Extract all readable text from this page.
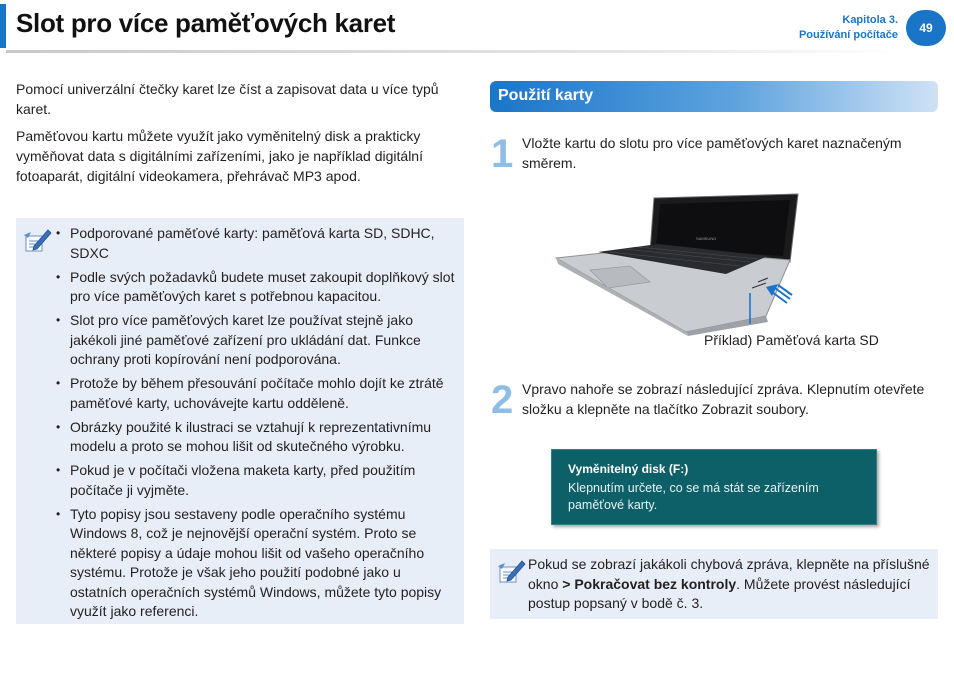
Slot pro více paměťových karet	Kapitola 3.
Používání počítače	49

Pomocí univerzální čtečky karet lze číst a zapisovat data u více typů karet.

Paměťovou kartu můžete využít jako vyměnitelný disk a prakticky vyměňovat data s digitálními zařízeními, jako je například digitální fotoaparát, digitální videokamera, přehrávač MP3 apod.

• Podporované paměťové karty: paměťová karta SD, SDHC, SDXC
• Podle svých požadavků budete muset zakoupit doplňkový slot pro více paměťových karet s potřebnou kapacitou.
• Slot pro více paměťových karet lze používat stejně jako jakékoli jiné paměťové zařízení pro ukládání dat. Funkce ochrany proti kopírování není podporována.
• Protože by během přesouvání počítače mohlo dojít ke ztrátě paměťové karty, uchovávejte kartu odděleně.
• Obrázky použité k ilustraci se vztahují k reprezentativnímu modelu a proto se mohou lišit od skutečného výrobku.
• Pokud je v počítači vložena maketa karty, před použitím počítače ji vyjměte.
• Tyto popisy jsou sestaveny podle operačního systému Windows 8, což je nejnovější operační systém. Proto se některé popisy a údaje mohou lišit od vašeho operačního systému. Protože je však jeho použití podobné jako u ostatních operačních systémů Windows, můžete tyto popisy využít jako referenci.
Použití karty
1 Vložte kartu do slotu pro více paměťových karet naznačeným směrem.
SAMSUNG
Příklad) Paměťová karta SD
2 Vpravo nahoře se zobrazí následující zpráva. Klepnutím otevřete složku a klepněte na tlačítko Zobrazit soubory.
Vyměnitelný disk (F:)
Klepnutím určete, co se má stát se zařízením paměťové karty.
Pokud se zobrazí jakákoli chybová zpráva, klepněte na příslušné okno > Pokračovat bez kontroly. Můžete provést následující postup popsaný v bodě č. 3.
